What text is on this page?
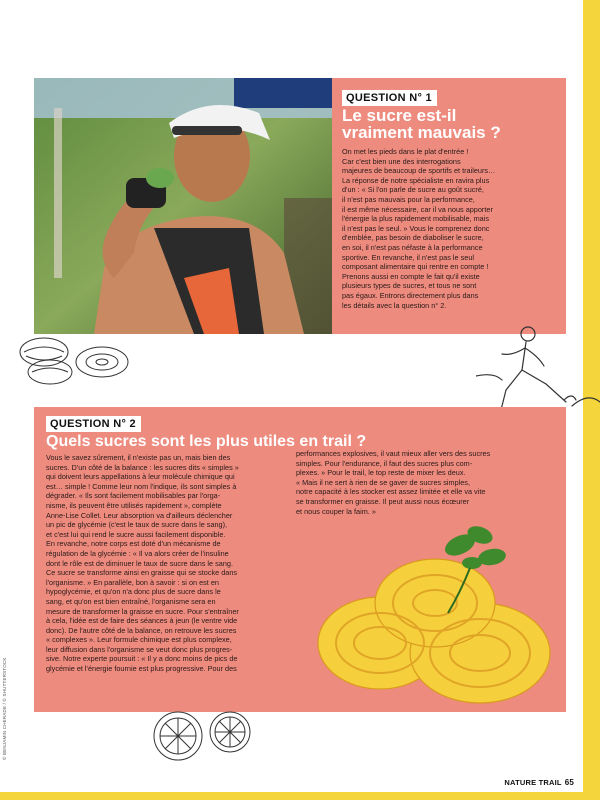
QUESTION N° 1
Le sucre est-il
vraiment mauvais ?
On met les pieds dans le plat d'entrée !
Car c'est bien une des interrogations
majeures de beaucoup de sportifs et traileurs…
La réponse de notre spécialiste en ravira plus
d'un : « Si l'on parle de sucre au goût sucré,
il n'est pas mauvais pour la performance,
il est même nécessaire, car il va nous apporter
l'énergie la plus rapidement mobilisable, mais
il n'est pas le seul. » Vous le comprenez donc
d'emblée, pas besoin de diaboliser le sucre,
en soi, il n'est pas néfaste à la performance
sportive. En revanche, il n'est pas le seul
composant alimentaire qui rentre en compte !
Prenons aussi en compte le fait qu'il existe
plusieurs types de sucres, et tous ne sont
pas égaux. Entrons directement plus dans
les détails avec la question n° 2.
QUESTION N° 2
Quels sucres sont les plus utiles en trail ?
Vous le savez sûrement, il n'existe pas un, mais bien des
sucres. D'un côté de la balance : les sucres dits « simples »
qui doivent leurs appellations à leur molécule chimique qui
est… simple ! Comme leur nom l'indique, ils sont simples à
dégrader. « Ils sont facilement mobilisables par l'orga-
nisme, ils peuvent être utilisés rapidement », complète
Anne-Lise Collet. Leur absorption va d'ailleurs déclencher
un pic de glycémie (c'est le taux de sucre dans le sang),
et c'est lui qui rend le sucre aussi facilement disponible.
En revanche, notre corps est doté d'un mécanisme de
régulation de la glycémie : « Il va alors créer de l'insuline
dont le rôle est de diminuer le taux de sucre dans le sang.
Ce sucre se transforme ainsi en graisse qui se stocke dans
l'organisme. » En parallèle, bon à savoir : si on est en
hypoglycémie, et qu'on n'a donc plus de sucre dans le
sang, et qu'on est bien entraîné, l'organisme sera en
mesure de transformer la graisse en sucre. Pour s'entraîner
à cela, l'idée est de faire des séances à jeun (le ventre vide
donc). De l'autre côté de la balance, on retrouve les sucres
« complexes ». Leur formule chimique est plus complexe,
leur diffusion dans l'organisme se veut donc plus progres-
sive. Notre experte poursuit : « Il y a donc moins de pics de
glycémie et l'énergie fournie est plus progressive. Pour des
performances explosives, il vaut mieux aller vers des sucres
simples. Pour l'endurance, il faut des sucres plus com-
plexes. » Pour le trail, le top reste de mixer les deux.
« Mais il ne sert à rien de se gaver de sucres simples,
notre capacité à les stocker est assez limitée et elle va vite
se transformer en graisse. Il peut aussi nous écœurer
et nous couper la faim. »
© BENJAMIN CHERADE / © SHUTTERSTOCK
NATURE TRAIL 65
